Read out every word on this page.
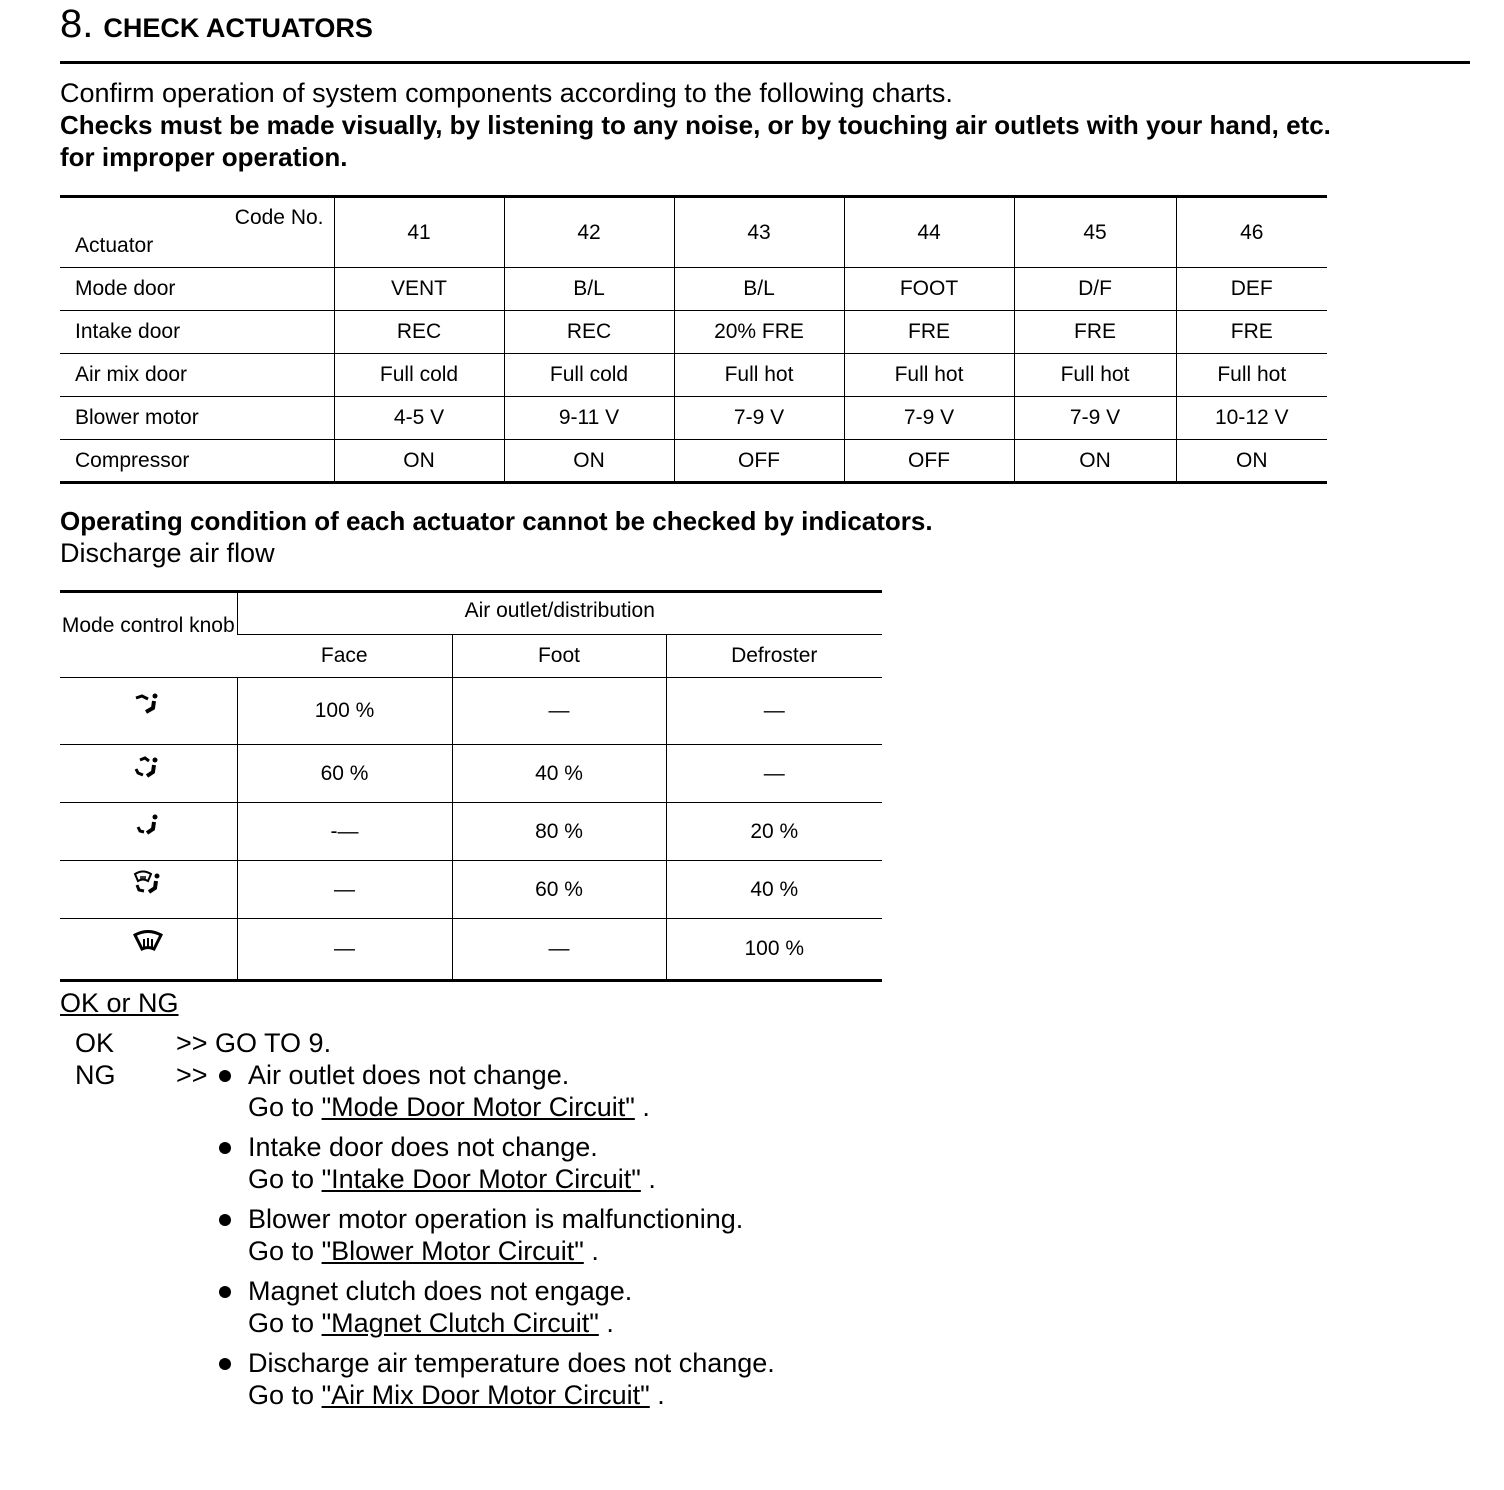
8. CHECK ACTUATORS
Confirm operation of system components according to the following charts.
Checks must be made visually, by listening to any noise, or by touching air outlets with your hand, etc.
for improper operation.
Code No.
Actuator	41	42	43	44	45	46
Mode door	VENT	B/L	B/L	FOOT	D/F	DEF
Intake door	REC	REC	20% FRE	FRE	FRE	FRE
Air mix door	Full cold	Full cold	Full hot	Full hot	Full hot	Full hot
Blower motor	4-5 V	9-11 V	7-9 V	7-9 V	7-9 V	10-12 V
Compressor	ON	ON	OFF	OFF	ON	ON
Operating condition of each actuator cannot be checked by indicators.
Discharge air flow
Mode control knob	Air outlet/distribution		
	Face	Foot	Defroster
	100 %	—	—
	60 %	40 %	—
	-—	80 %	20 %
	—	60 %	40 %
	—	—	100 %
OK or NG
OK >> GO TO 9.
NG >> Air outlet does not change.
Go to "Mode Door Motor Circuit" .
Intake door does not change.
Go to "Intake Door Motor Circuit" .
Blower motor operation is malfunctioning.
Go to "Blower Motor Circuit" .
Magnet clutch does not engage.
Go to "Magnet Clutch Circuit" .
Discharge air temperature does not change.
Go to "Air Mix Door Motor Circuit" .
